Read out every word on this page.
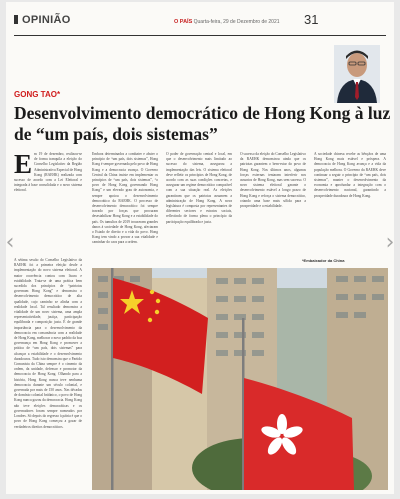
OPINIÃO	O PAÍS Quarta-feira, 29 de Dezembro de 2021 31
GONG TAO*
Desenvolvimento democrático de Hong Kong à luz de “um país, dois sistemas”
Em 19 de dezembro, realizou-se de forma tranquila a eleição do Conselho Legislativo da Região Administrativa Especial de Hong Kong (RAEHK) realizada com sucesso de acordo com a Lei Eleitoral e integrada à base consolidada e o novo sistema eleitoral.
A sétima sessão do Conselho Legislativo da RAEHK foi a primeira eleição desde a implementação do novo sistema eleitoral. A maior ocorrência contou com lisura e estabilidade. Trata-se de uma prática bem sucedida dos princípios de “patriotas governam Hong Kong” e demonstra o desenvolvimento democrático de alta qualidade, cujo caminho se alinha com a realidade local. Tal resultado demonstra a vitalidade de um novo sistema, uma ampla representatividade, justiça, participação equilibrada e composição justa. É de grande importância para o desenvolvimento da democracia em consonância com a realidade de Hong Kong, melhorar o novo padrão da boa governança em Hong Kong e promover a prática de “um país, dois sistemas” para alcançar a estabilidade e o desenvolvimento duradouros. Tudo isto demonstra que o Partido Comunista da China sempre é o cimento da ordem, da unidade, defensor e promotor da democracia de Hong Kong. Olhando para a história, Hong Kong nunca teve nenhuma democracia durante um século colonial, e governada por mais de 150 anos. Nas décadas de domínio colonial britânico, o povo de Hong Kong nunca gozou da democracia. Hong Kong não teve eleições democráticas e os governadores foram sempre nomeados por Londres. Só depois do regresso à pátria é que o povo de Hong Kong começou a gozar de verdadeiros direitos democráticos.
Embora determinados a combater e abster o princípio de “um país, dois sistemas”, Hong Kong é sempre governada pelo povo de Hong Kong e a democracia avança. O Governo Central da China insiste em implementar os princípios de “um país, dois sistemas”, “o povo de Hong Kong governando Hong Kong” e um elevado grau de autonomia, e sempre apoiou o desenvolvimento democrático da RAEHK. O processo de desenvolvimento democrático foi sempre travado por forças que procuram desestabilizar Hong Kong e a estabilidade do país. Os tumultos de 2019 trouxeram grandes danos à sociedade de Hong Kong, afectaram o Estado de direito e a vida do povo. Hong Kong tem vindo a provar a sua vitalidade e caminhar do caos para a ordem.
O poder de governação central e local, em que o desenvolvimento mais limitado ao sucesso do sistema, assegurou a implementação das leis. O sistema eleitoral deve refletir os princípios de Hong Kong, de acordo com as suas condições concretas, e assegurar um regime democrático compatível com a sua situação real. As eleições garantiram que os patriotas assumem a administração de Hong Kong. A nova legislatura é composta por representantes de diferentes sectores e estratos sociais, reflectindo de forma plena o princípio da participação equilibrada e justa.
O sucesso da eleição do Conselho Legislativo da RAEHK demonstrou ainda que os patriotas garantem o bem-estar do povo de Hong Kong. Nos últimos anos, algumas forças externas tentaram interferir nos assuntos de Hong Kong, mas sem sucesso. O novo sistema eleitoral garante o desenvolvimento estável a longo prazo de Hong Kong e reforça o sistema democrático, criando uma base mais sólida para a prosperidade e a estabilidade.
A sociedade chinesa recebe as bênçãos de uma Hong Kong mais estável e próspera. A democracia de Hong Kong avança e a vida da população melhora. O Governo da RAEHK deve continuar a seguir o princípio de “um país, dois sistemas”, manter o desenvolvimento da economia e aprofundar a integração com o desenvolvimento nacional, garantindo a prosperidade duradoura de Hong Kong.
*Embaixador da China
‹	›
